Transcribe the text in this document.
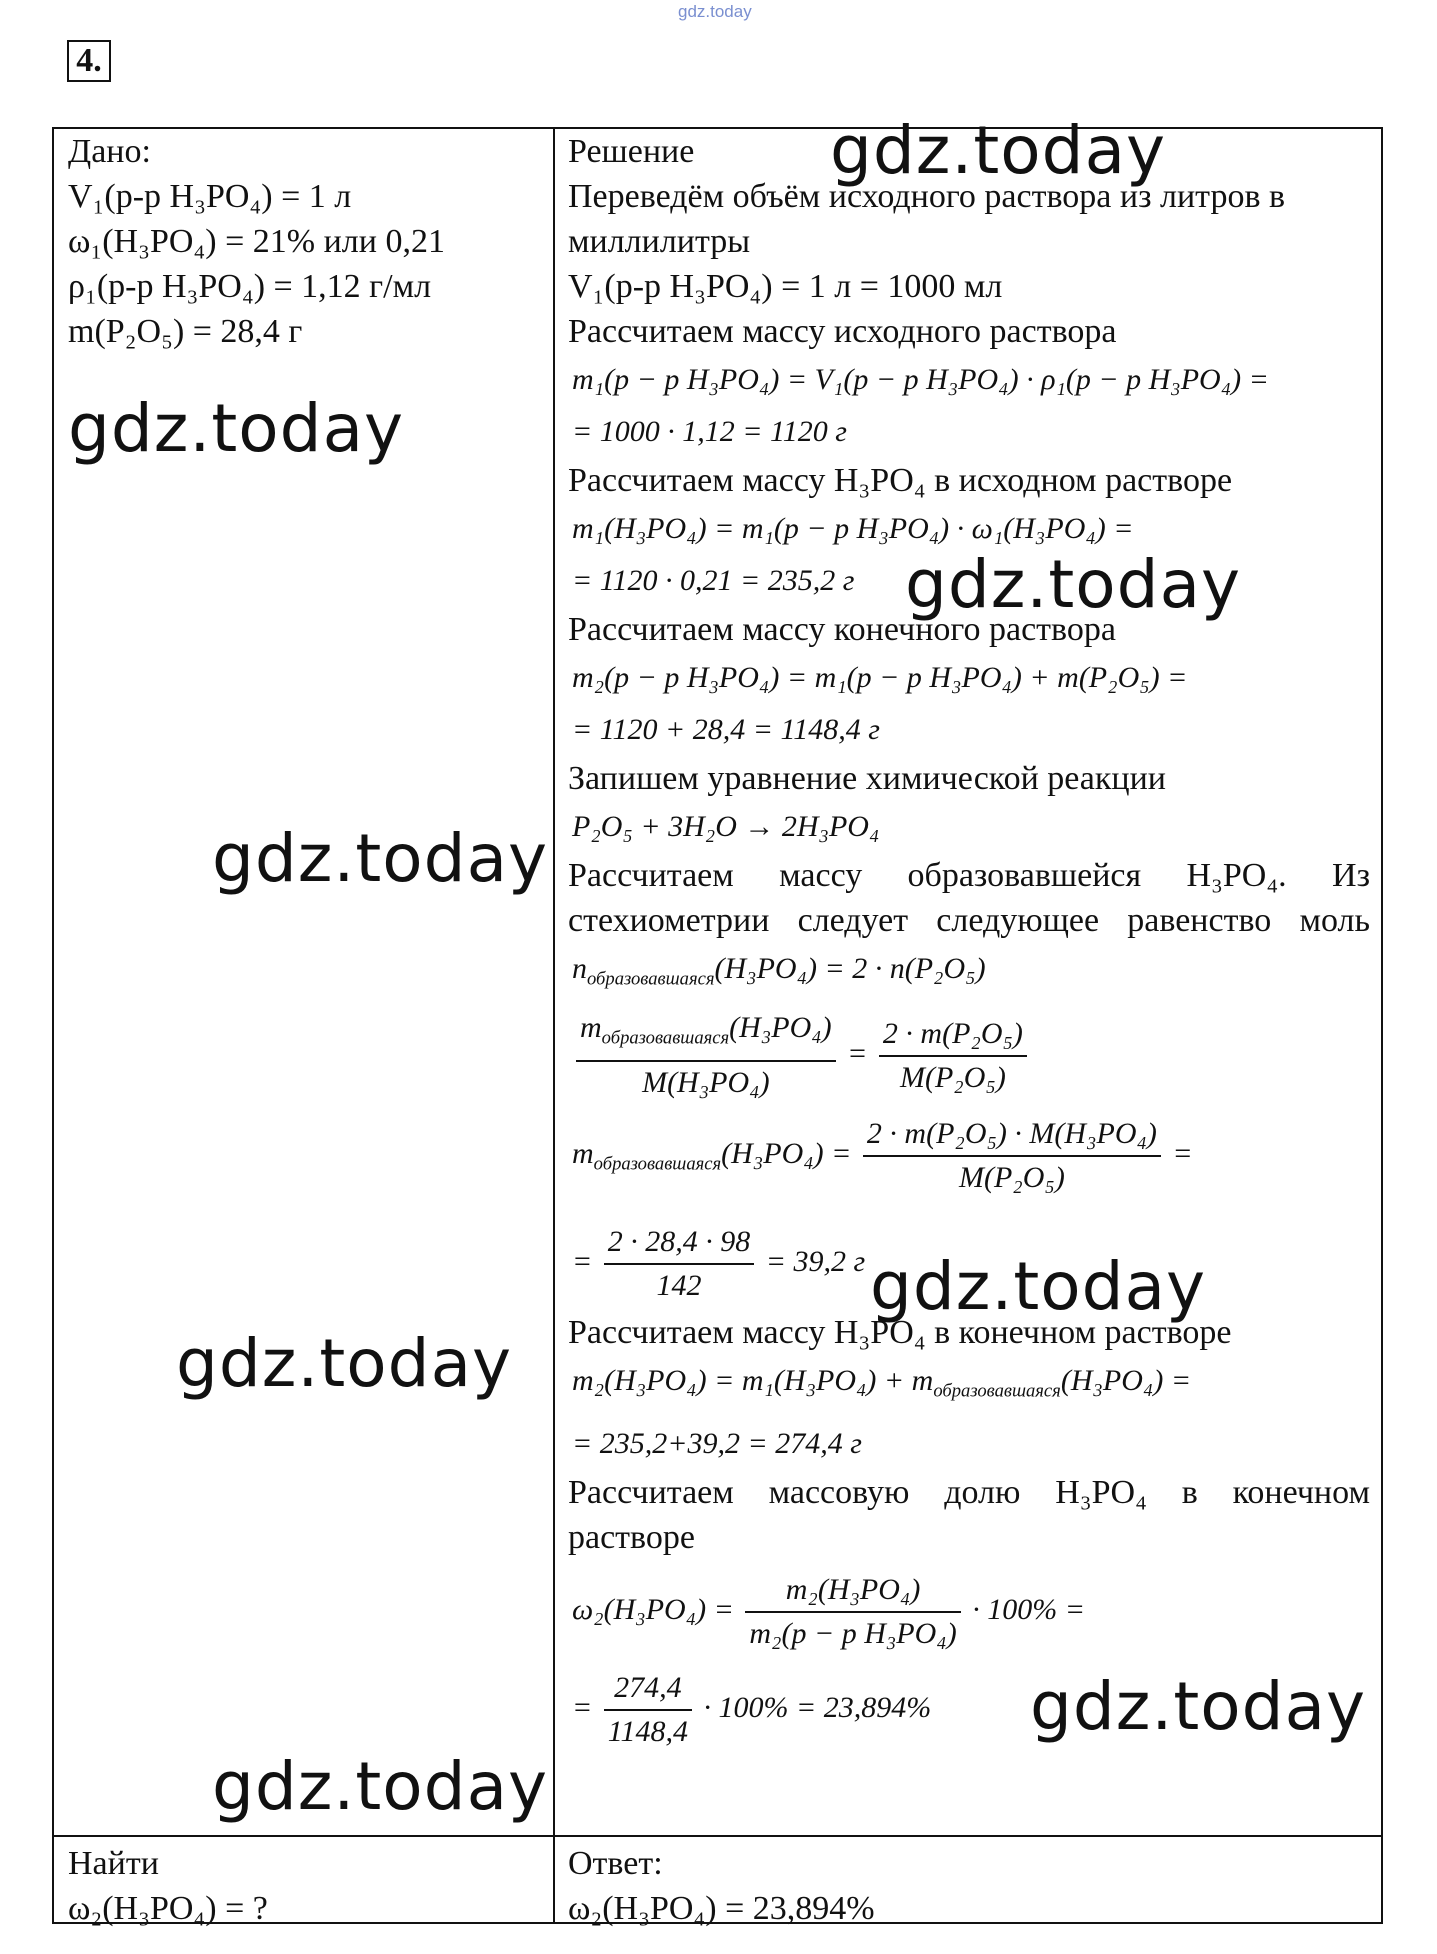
gdz.today
4.
Дано:
V₁(р-р H₃PO₄) = 1 л
ω₁(H₃PO₄) = 21% или 0,21
ρ₁(р-р H₃PO₄) = 1,12 г/мл
m(P₂O₅) = 28,4 г
Решение
Переведём объём исходного раствора из литров в миллилитры
V₁(р-р H₃PO₄) = 1 л = 1000 мл
Рассчитаем массу исходного раствора
m₁(p − p H₃PO₄) = V₁(p − p H₃PO₄) · ρ₁(p − p H₃PO₄) =
= 1000 · 1,12 = 1120 г
Рассчитаем массу H₃PO₄ в исходном растворе
m₁(H₃PO₄) = m₁(p − p H₃PO₄) · ω₁(H₃PO₄) =
= 1120 · 0,21 = 235,2 г
Рассчитаем массу конечного раствора
m₂(p − p H₃PO₄) = m₁(p − p H₃PO₄) + m(P₂O₅) =
= 1120 + 28,4 = 1148,4 г
Запишем уравнение химической реакции
P₂O₅ + 3H₂O → 2H₃PO₄
Рассчитаем массу образовавшейся H₃PO₄. Из стехиометрии следует следующее равенство моль
$n_{образовавшаяся}(H_3PO_4) = 2 \cdot n(P_2O_5)$
$\frac{m_{образовавшаяся}(H_3PO_4)}{\text{M(H₃PO₄)}} = \frac{\text{2 · m(P₂O₅)}}{\text{M(P₂O₅)}}$
$m_{образовавшаяся}(H_3PO_4) = \frac{\text{2 · m(P₂O₅) · M(H₃PO₄)}}{\text{M(P₂O₅)}}$ =
= $\frac{2 \cdot 28,4 \cdot 98}{142} = 39,2$ г
Рассчитаем массу H₃PO₄ в конечном растворе
$m_2(H_3PO_4) = m_1(H_3PO_4) + m_{образовавшаяся}(H_3PO_4)$ =
= 235,2+39,2 = 274,4 г
Рассчитаем массовую долю H₃PO₄ в конечном растворе
$\omega_2(H_3PO_4) = \frac{\text{m₂(H₃PO₄)}}{\text{m₂(p − p H₃PO₄)}} \cdot 100\%$ =
= $\frac{274,4}{1148,4} \cdot 100\% = 23,894\%$
Найти
ω₂(H₃PO₄) = ?
Ответ:
ω₂(H₃PO₄) = 23,894%
gdz.today
gdz.today
gdz.today
gdz.today
gdz.today
gdz.today
gdz.today
gdz.today
